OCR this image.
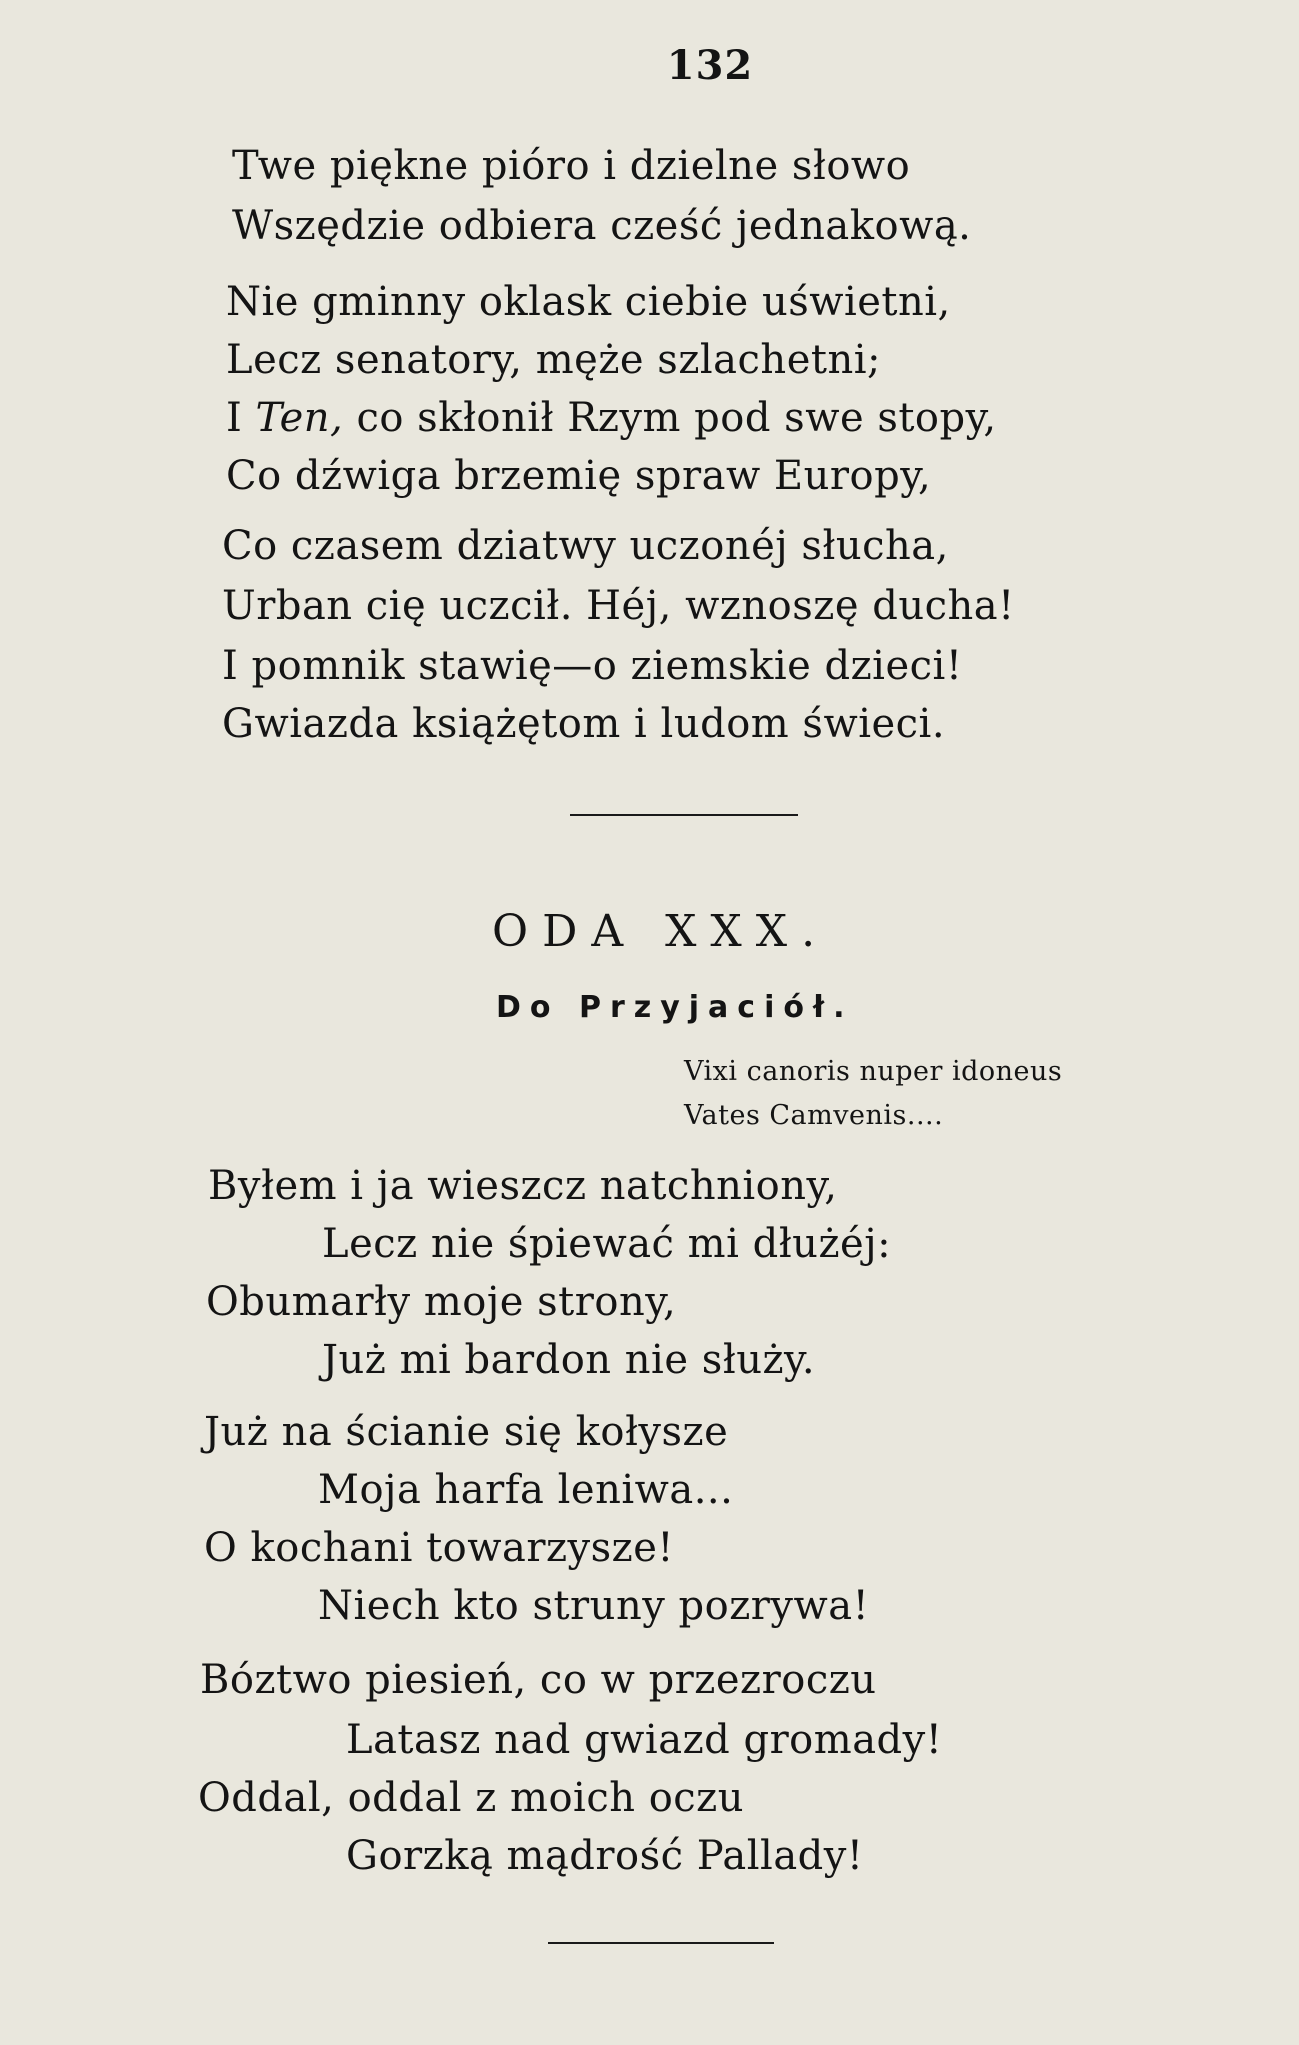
132
Twe piękne pióro i dzielne słowo
Wszędzie odbiera cześć jednakową.
Nie gminny oklask ciebie uświetni,
Lecz senatory, męże szlachetni;
I Ten, co skłonił Rzym pod swe stopy,
Co dźwiga brzemię spraw Europy,
Co czasem dziatwy uczonéj słucha,
Urban cię uczcił. Héj, wznoszę ducha!
I pomnik stawię—o ziemskie dzieci!
Gwiazda książętom i ludom świeci.
ODA XXX.
Do Przyjaciół.
Vixi canoris nuper idoneus
Vates Camvenis....
Byłem i ja wieszcz natchniony,
Lecz nie śpiewać mi dłużéj:
Obumarły moje strony,
Już mi bardon nie służy.
Już na ścianie się kołysze
Moja harfa leniwa...
O kochani towarzysze!
Niech kto struny pozrywa!
Bóztwo piesień, co w przezroczu
Latasz nad gwiazd gromady!
Oddal, oddal z moich oczu
Gorzką mądrość Pallady!
